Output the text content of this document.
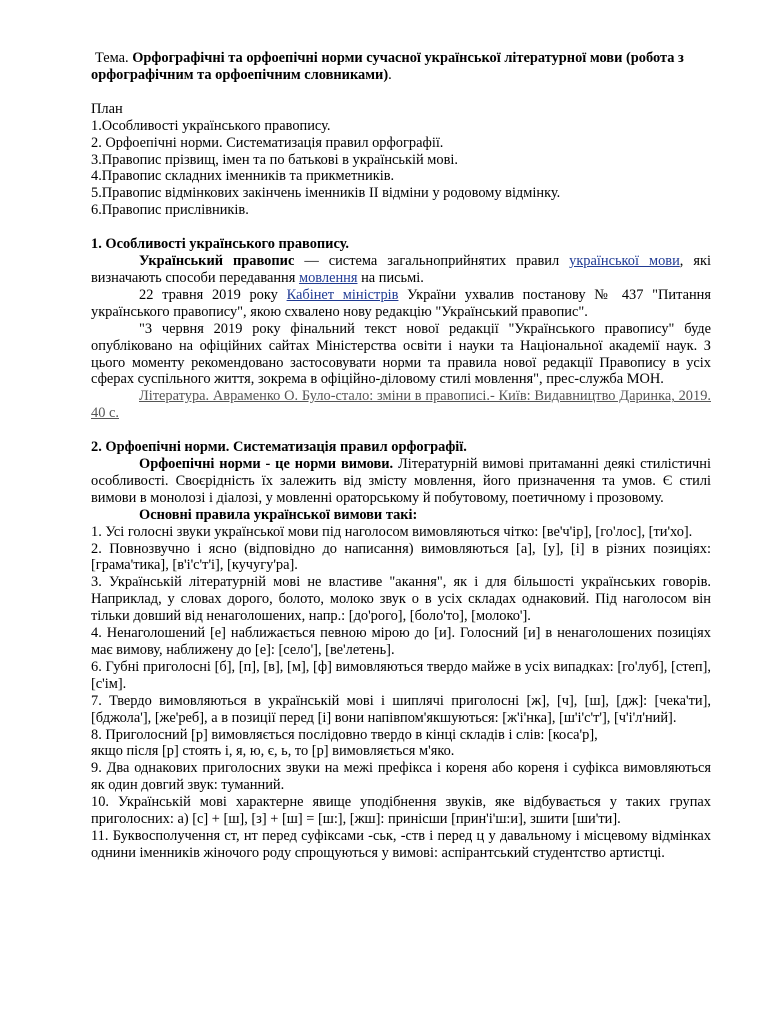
Тема. Орфографічні та орфоепічні норми сучасної української літературної мови (робота з орфографічним та орфоепічним словниками).

План

1.Особливості українського правопису.

2. Орфоепічні норми. Систематизація правил орфографії.

3.Правопис прізвищ, імен та по батькові в українській мові.

4.Правопис складних іменників та прикметників.

5.Правопис відмінкових закінчень іменників ІІ відміни у родовому відмінку.

6.Правопис прислівників.

1. Особливості українського правопису.

Український правопис — система загальноприйнятих правил української мови, які визначають способи передавання мовлення на письмі.

22 травня 2019 року Кабінет міністрів України ухвалив постанову № 437 "Питання українського правопису", якою схвалено нову редакцію "Український правопис".

"3 червня 2019 року фінальний текст нової редакції "Українського правопису" буде опубліковано на офіційних сайтах Міністерства освіти і науки та Національної академії наук. З цього моменту рекомендовано застосовувати норми та правила нової редакції Правопису в усіх сферах суспільного життя, зокрема в офіційно-діловому стилі мовлення", прес-служба МОН.

Література. Авраменко О. Було-стало: зміни в правописі.- Київ: Видавництво Даринка, 2019. 40 с.

2. Орфоепічні норми. Систематизація правил орфографії.

Орфоепічні норми - це норми вимови. Літературній вимові притаманні деякі стилістичні особливості. Своєрідність їх залежить від змісту мовлення, його призначення та умов. Є стилі вимови в монолозі і діалозі, у мовленні ораторському й побутовому, поетичному і прозовому.

Основні правила української вимови такі:

1. Усі голосні звуки української мови під наголосом вимовляються чітко: [ве'ч'ір], [го'лос], [ти'хо].

2. Повнозвучно і ясно (відповідно до написання) вимовляються [а], [у], [і] в різних позиціях: [грама'тика], [в'і'с'т'і], [кучугу'ра].

3. Українській літературній мові не властиве "акання", як і для більшості українських говорів. Наприклад, у словах дорого, болото, молоко звук о в усіх складах однаковий. Під наголосом він тільки довший від ненаголошених, напр.: [до'рого], [боло'то], [молоко'].

4. Ненаголошений [е] наближається певною мірою до [и]. Голосний [и] в ненаголошених позиціях має вимову, наближену до [е]: [село'], [ве'летень].

6. Губні приголосні [б], [п], [в], [м], [ф] вимовляються твердо майже в усіх випадках: [го'луб], [степ], [с'ім].

7. Твердо вимовляються в українській мові і шиплячі приголосні [ж], [ч], [ш], [дж]: [чека'ти], [бджола'], [же'реб], а в позиції перед [і] вони напівпом'якшуються: [ж'і'нка], [ш'і'с'т'], [ч'і'л'ний].

8. Приголосний [р] вимовляється послідовно твердо в кінці складів і слів: [коса'р],

якщо після [р] стоять і, я, ю, є, ь, то [р] вимовляється м'яко.

9. Два однакових приголосних звуки на межі префікса і кореня або кореня і суфікса вимовляються як один довгий звук: туманний.

10. Українській мові характерне явище уподібнення звуків, яке відбувається у таких групах приголосних: а) [с] + [ш], [з] + [ш] = [ш:], [жш]: принісши [прин'і'ш:и], зшити [ши'ти].

11. Буквосполучення ст, нт перед суфіксами -ськ, -ств і перед ц у давальному і місцевому відмінках однини іменників жіночого роду спрощуються у вимові: аспірантський студентство артистці.
